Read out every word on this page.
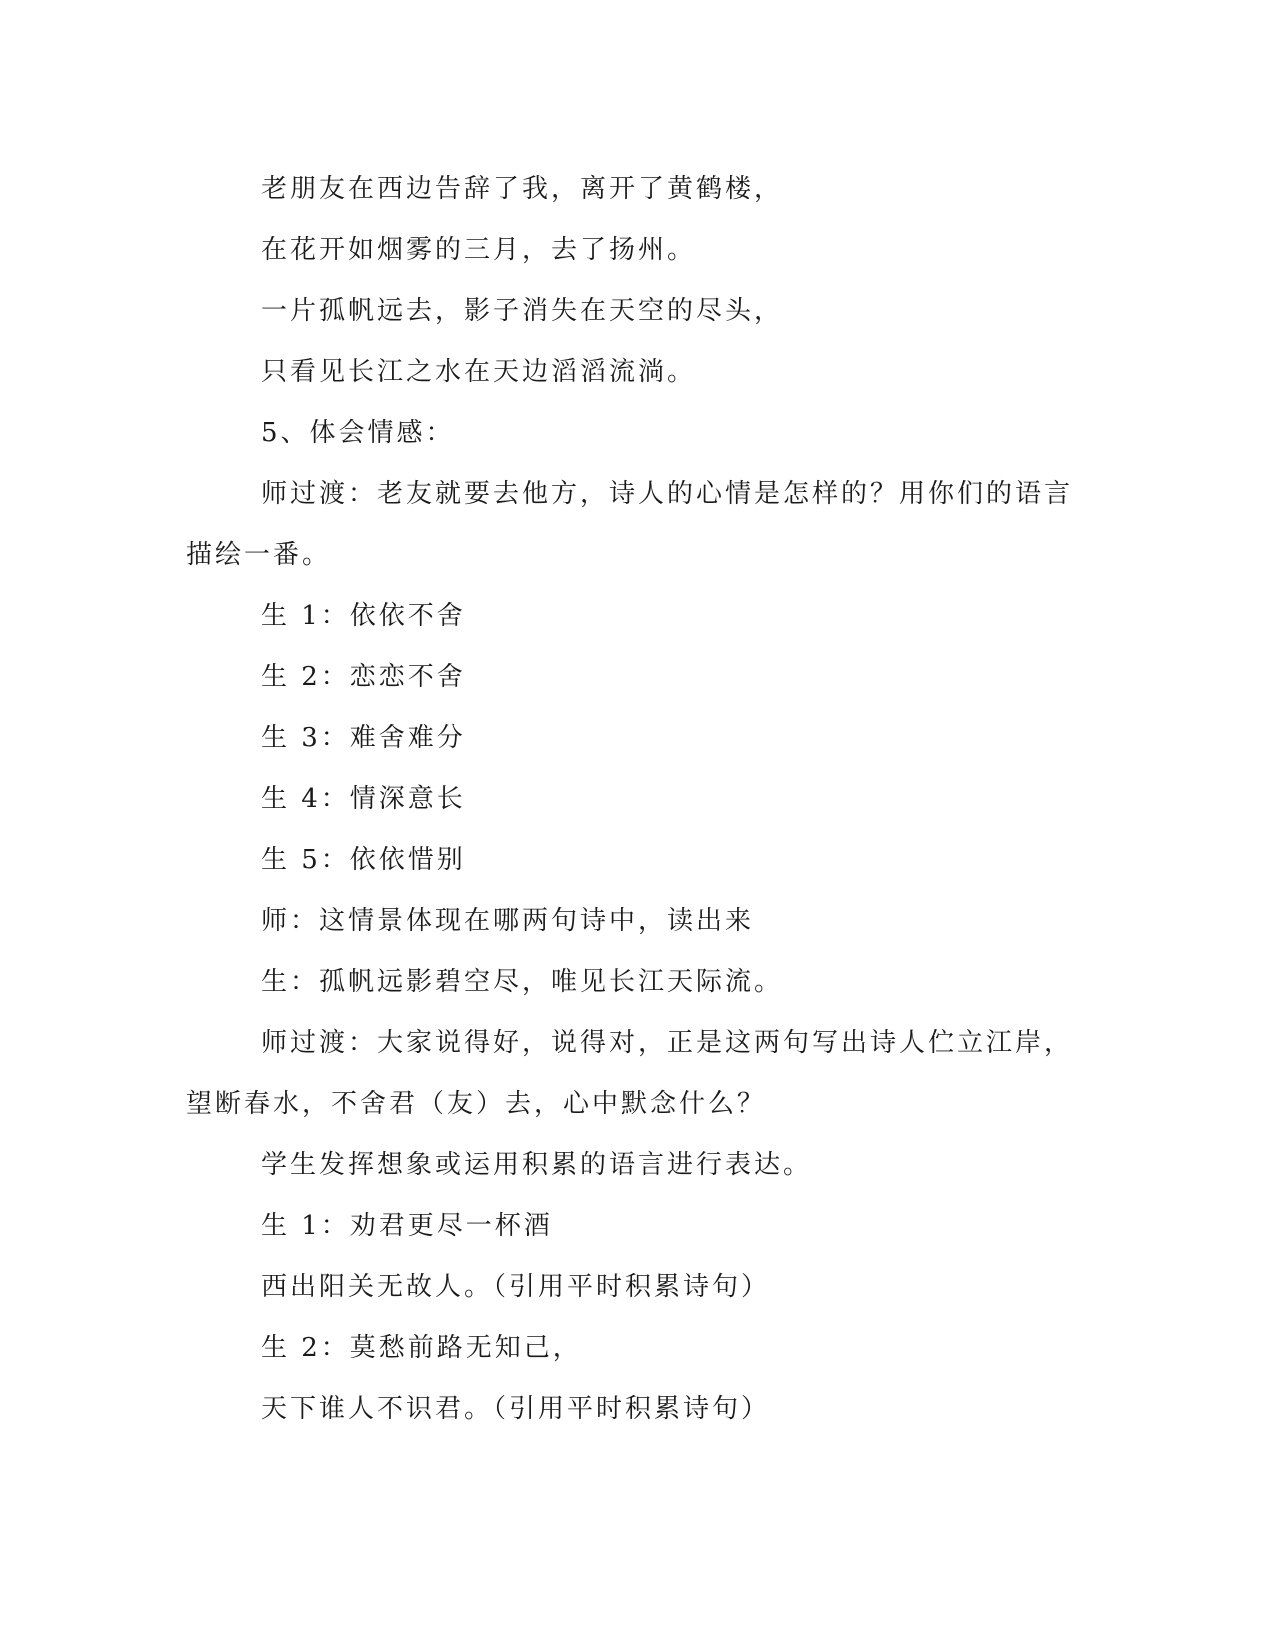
老朋友在西边告辞了我，离开了黄鹤楼，
在花开如烟雾的三月，去了扬州。
一片孤帆远去，影子消失在天空的尽头，
只看见长江之水在天边滔滔流淌。
5、体会情感：
师过渡：老友就要去他方，诗人的心情是怎样的？用你们的语言
描绘一番。
生 1：依依不舍
生 2：恋恋不舍
生 3：难舍难分
生 4：情深意长
生 5：依依惜别
师：这情景体现在哪两句诗中，读出来
生：孤帆远影碧空尽，唯见长江天际流。
师过渡：大家说得好，说得对，正是这两句写出诗人伫立江岸，
望断春水，不舍君（友）去，心中默念什么？
学生发挥想象或运用积累的语言进行表达。
生 1：劝君更尽一杯酒
西出阳关无故人。（引用平时积累诗句）
生 2：莫愁前路无知己，
天下谁人不识君。（引用平时积累诗句）
